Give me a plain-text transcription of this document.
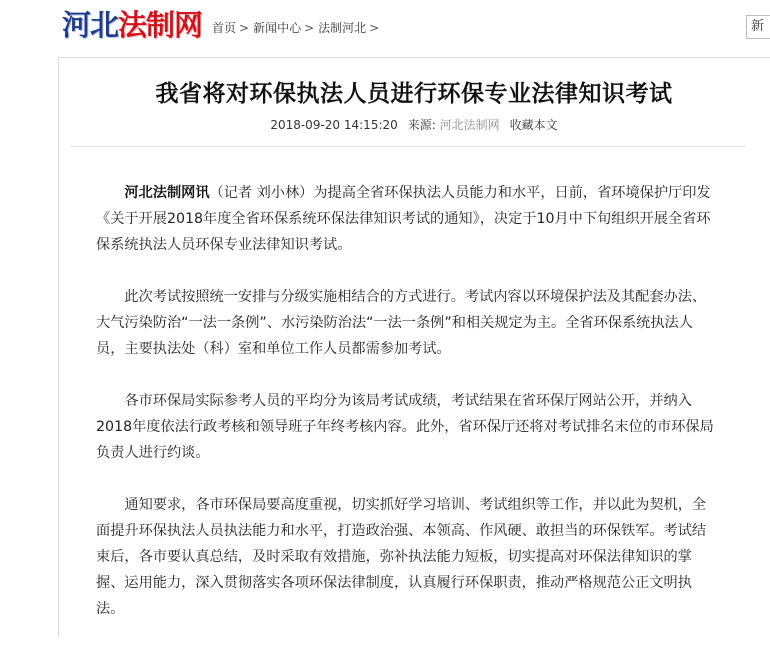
河北法制网 首页 > 新闻中心 > 法制河北 >	新
我省将对环保执法人员进行环保专业法律知识考试
2018-09-20 14:15:20 来源: 河北法制网 收藏本文

河北法制网讯（记者 刘小林）为提高全省环保执法人员能力和水平，日前，省环境保护厅印发《关于开展2018年度全省环保系统环保法律知识考试的通知》，决定于10月中下旬组织开展全省环保系统执法人员环保专业法律知识考试。

此次考试按照统一安排与分级实施相结合的方式进行。考试内容以环境保护法及其配套办法、大气污染防治“一法一条例”、水污染防治法“一法一条例”和相关规定为主。全省环保系统执法人员，主要执法处（科）室和单位工作人员都需参加考试。

各市环保局实际参考人员的平均分为该局考试成绩，考试结果在省环保厅网站公开，并纳入2018年度依法行政考核和领导班子年终考核内容。此外，省环保厅还将对考试排名末位的市环保局负责人进行约谈。

通知要求，各市环保局要高度重视，切实抓好学习培训、考试组织等工作，并以此为契机，全面提升环保执法人员执法能力和水平，打造政治强、本领高、作风硬、敢担当的环保铁军。考试结束后，各市要认真总结，及时采取有效措施，弥补执法能力短板，切实提高对环保法律知识的掌握、运用能力，深入贯彻落实各项环保法律制度，认真履行环保职责，推动严格规范公正文明执法。
